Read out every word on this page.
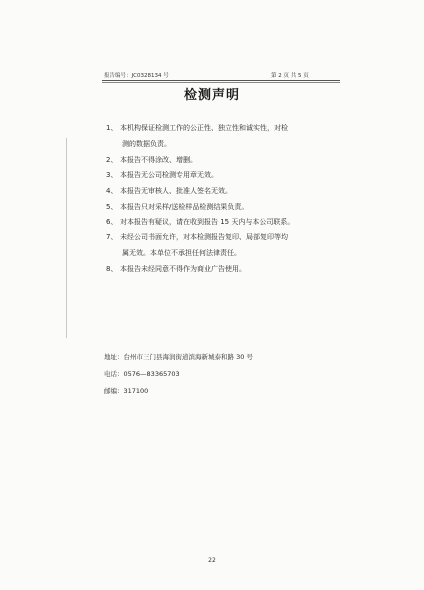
报告编号：JC0328134 号	第 2 页 共 5 页
检测声明
1、 本机构保证检测工作的公正性、独立性和诚实性，对检
测的数据负责。
2、 本报告不得涂改、增删。
3、 本报告无公司检测专用章无效。
4、 本报告无审核人、批准人签名无效。
5、 本报告只对采样/送检样品检测结果负责。
6、 对本报告有疑议，请在收到报告 15 天内与本公司联系。
7、 未经公司书面允许，对本检测报告复印、局部复印等均
属无效。本单位不承担任何法律责任。
8、 本报告未经同意不得作为商业广告使用。
地址：台州市三门县海润街道滨海新城泰和路 30 号
电话：0576—83365703
邮编：317100
22
